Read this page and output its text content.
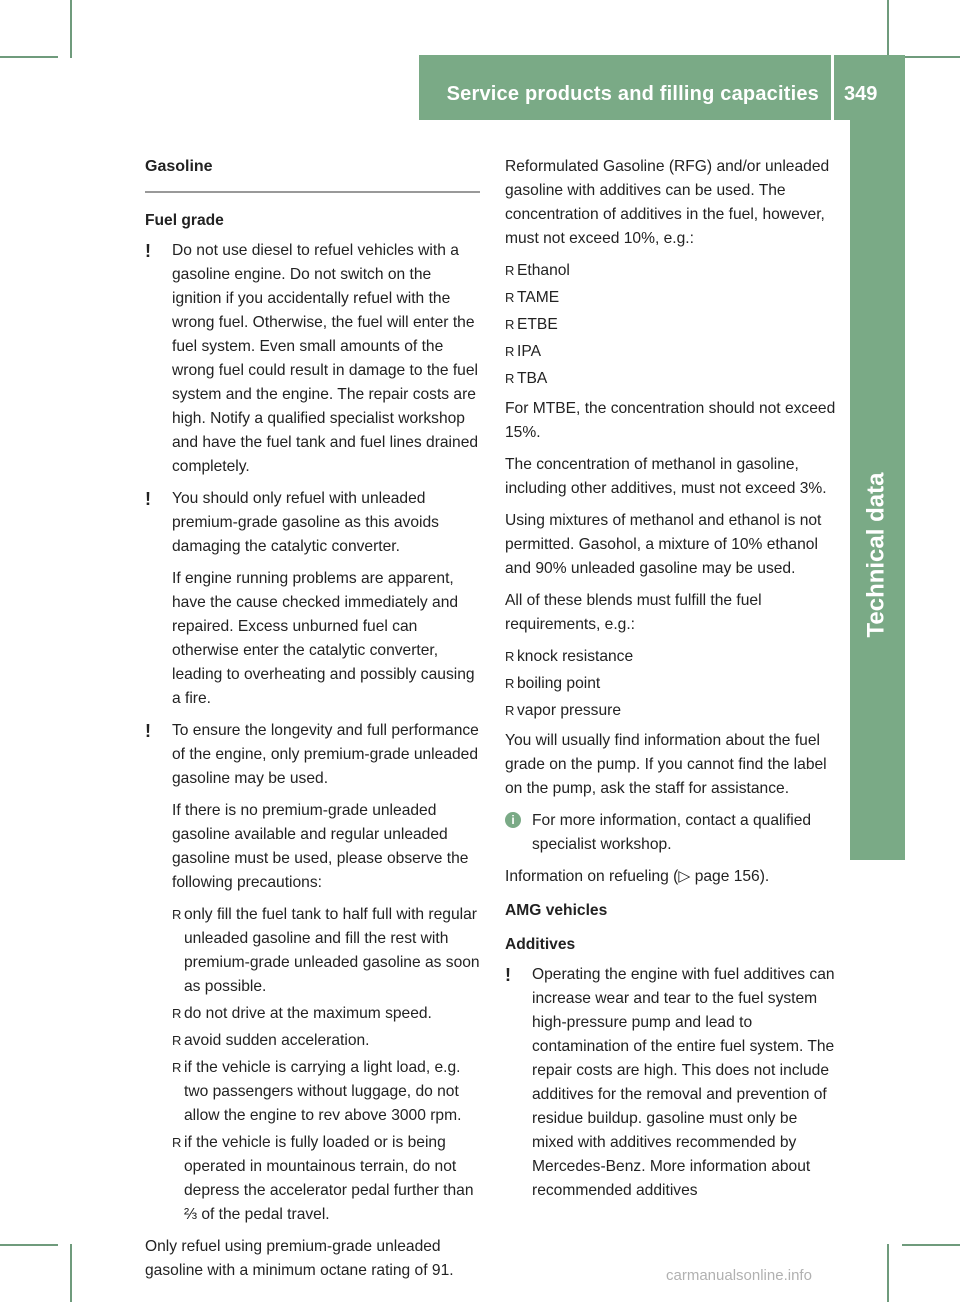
Service products and filling capacities 349
Technical data
Gasoline
Fuel grade
! Do not use diesel to refuel vehicles with a gasoline engine. Do not switch on the ignition if you accidentally refuel with the wrong fuel. Otherwise, the fuel will enter the fuel system. Even small amounts of the wrong fuel could result in damage to the fuel system and the engine. The repair costs are high. Notify a qualified specialist workshop and have the fuel tank and fuel lines drained completely.

! You should only refuel with unleaded premium-grade gasoline as this avoids damaging the catalytic converter.

If engine running problems are apparent, have the cause checked immediately and repaired. Excess unburned fuel can otherwise enter the catalytic converter, leading to overheating and possibly causing a fire.

! To ensure the longevity and full performance of the engine, only premium-grade unleaded gasoline may be used.

If there is no premium-grade unleaded gasoline available and regular unleaded gasoline must be used, please observe the following precautions:

R only fill the fuel tank to half full with regular unleaded gasoline and fill the rest with premium-grade unleaded gasoline as soon as possible.
R do not drive at the maximum speed.
R avoid sudden acceleration.
R if the vehicle is carrying a light load, e.g. two passengers without luggage, do not allow the engine to rev above 3000 rpm.
R if the vehicle is fully loaded or is being operated in mountainous terrain, do not depress the accelerator pedal further than ⅔ of the pedal travel.

Only refuel using premium-grade unleaded gasoline with a minimum octane rating of 91.

Reformulated Gasoline (RFG) and/or unleaded gasoline with additives can be used. The concentration of additives in the fuel, however, must not exceed 10%, e.g.:

R Ethanol
R TAME
R ETBE
R IPA
R TBA

For MTBE, the concentration should not exceed 15%.

The concentration of methanol in gasoline, including other additives, must not exceed 3%.

Using mixtures of methanol and ethanol is not permitted. Gasohol, a mixture of 10% ethanol and 90% unleaded gasoline may be used.

All of these blends must fulfill the fuel requirements, e.g.:

R knock resistance
R boiling point
R vapor pressure

You will usually find information about the fuel grade on the pump. If you cannot find the label on the pump, ask the staff for assistance.

i	For more information, contact a qualified specialist workshop.

Information on refueling (▷ page 156).

AMG vehicles
Additives
! Operating the engine with fuel additives can increase wear and tear to the fuel system high-pressure pump and lead to contamination of the entire fuel system. The repair costs are high. This does not include additives for the removal and prevention of residue buildup. gasoline must only be mixed with additives recommended by Mercedes-Benz. More information about recommended additives

carmanualsonline.info
